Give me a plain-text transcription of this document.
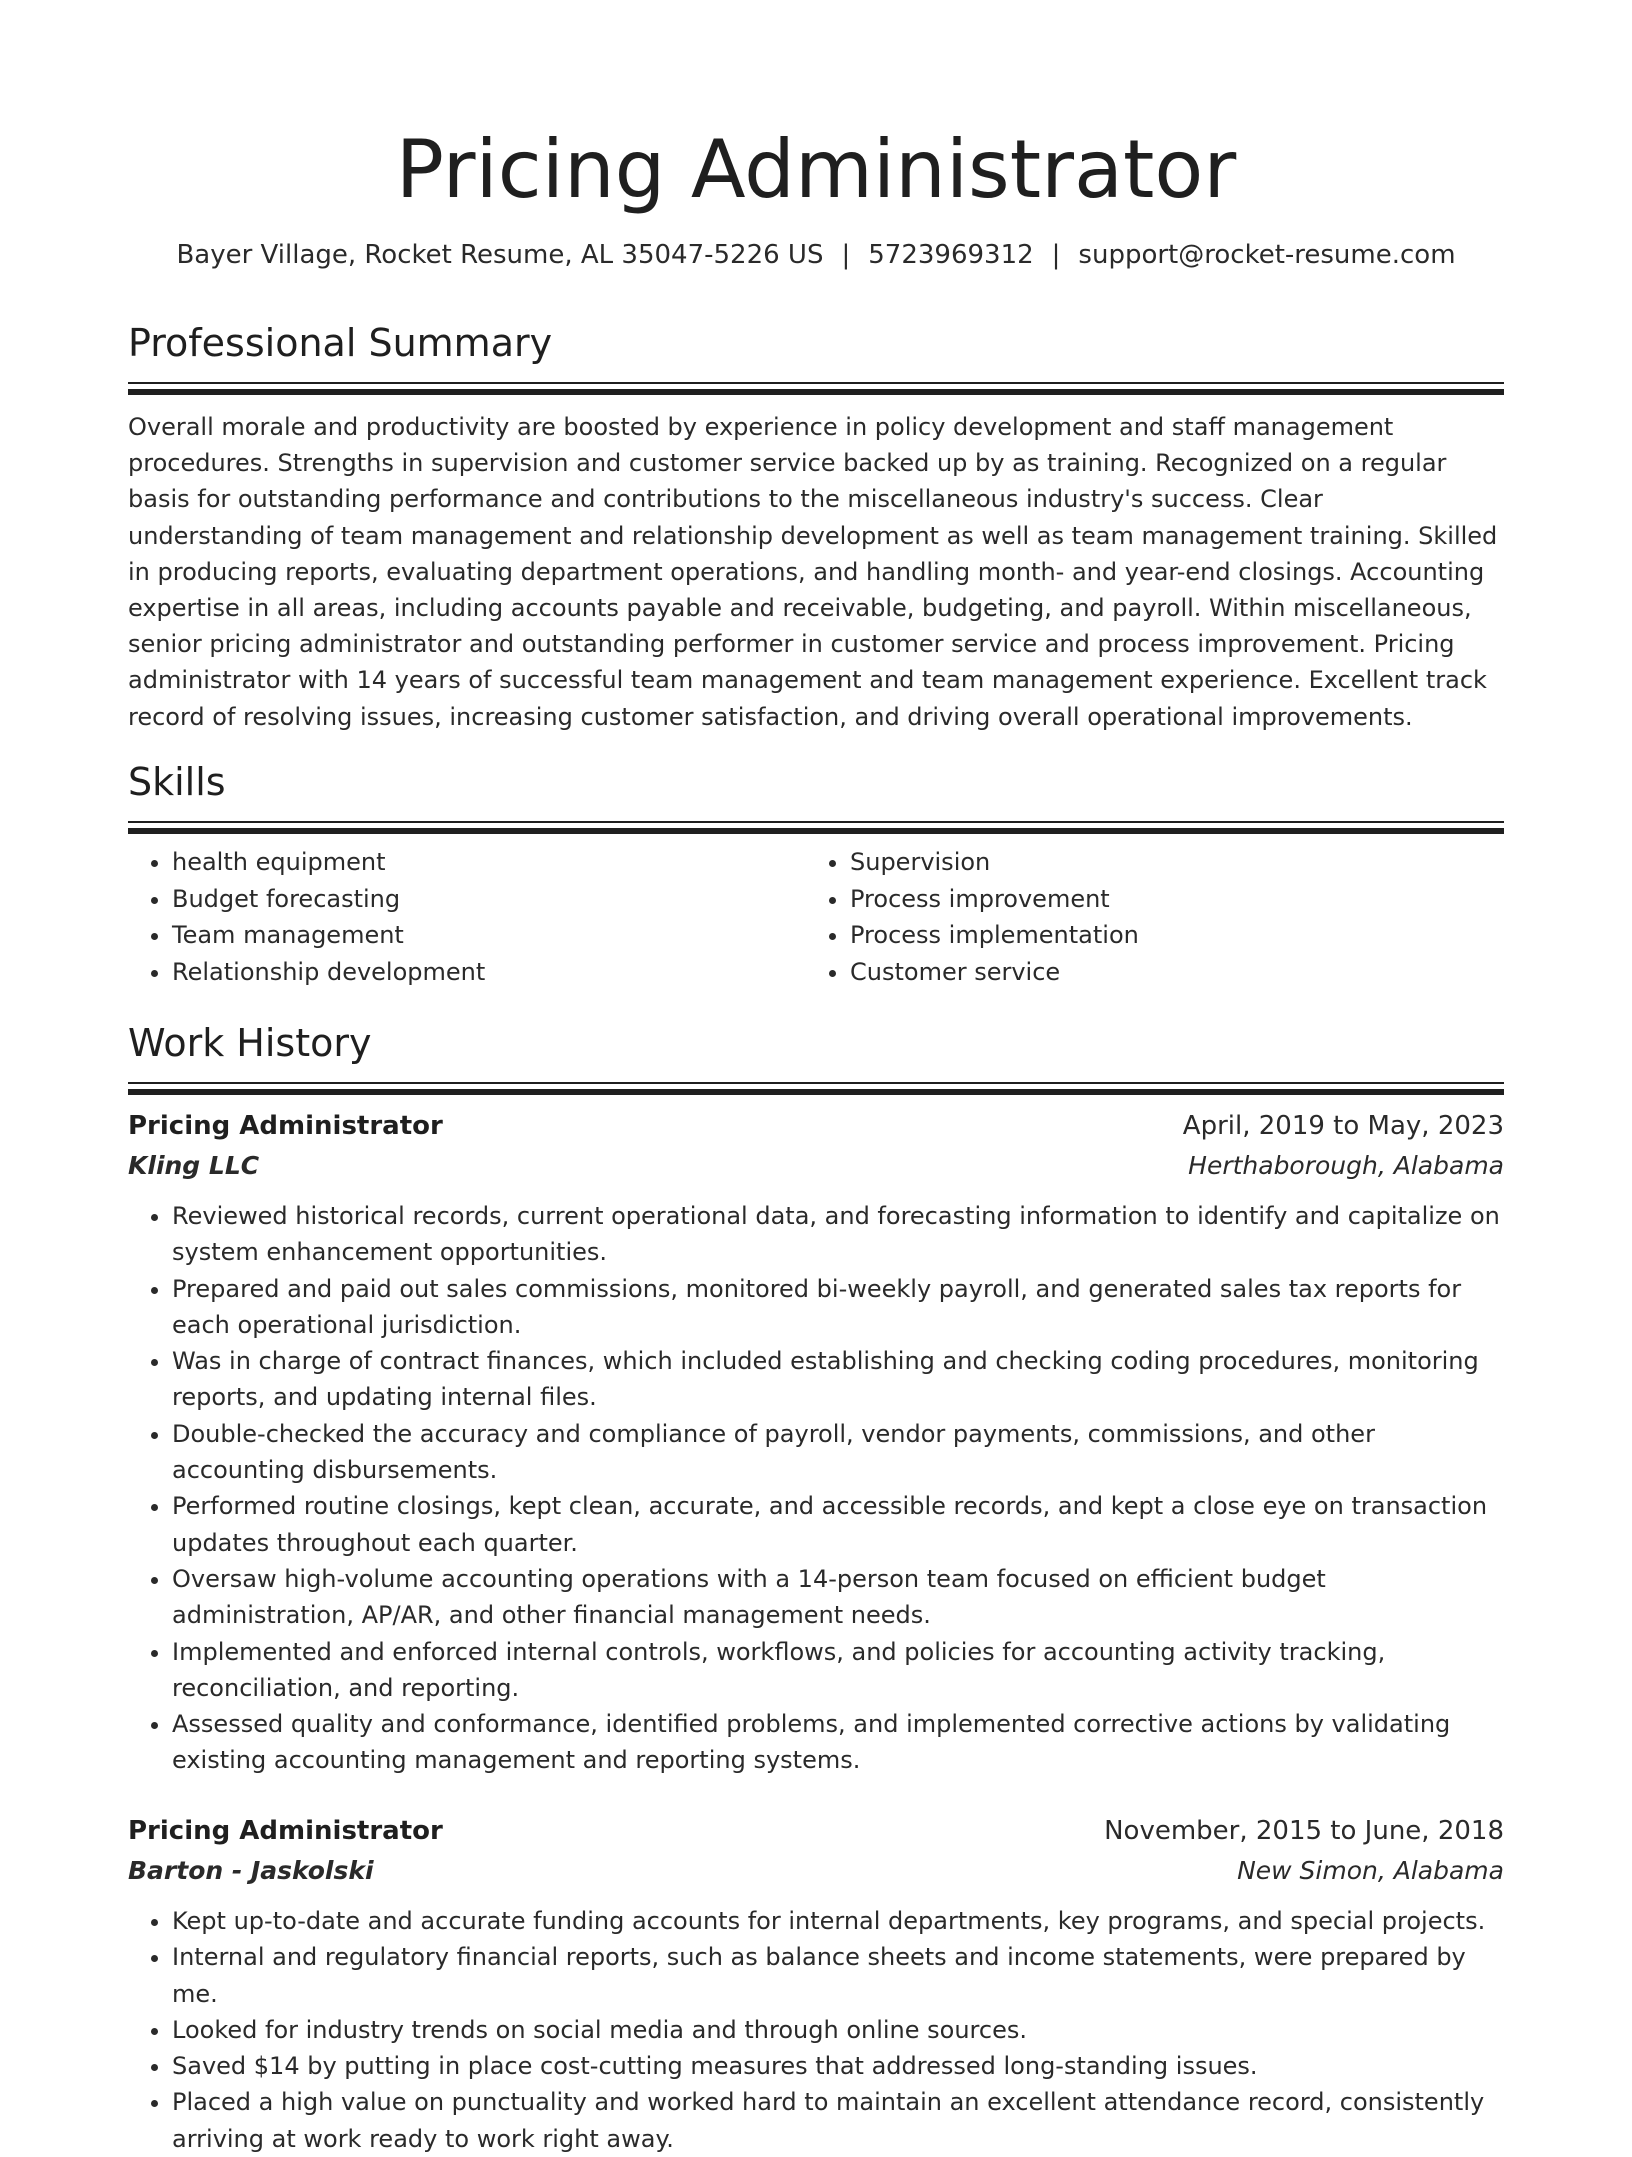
Pricing Administrator
Bayer Village, Rocket Resume, AL 35047-5226 US | 5723969312 | support@rocket-resume.com
Professional Summary

Overall morale and productivity are boosted by experience in policy development and staff management procedures. Strengths in supervision and customer service backed up by as training. Recognized on a regular basis for outstanding performance and contributions to the miscellaneous industry's success. Clear understanding of team management and relationship development as well as team management training. Skilled in producing reports, evaluating department operations, and handling month- and year-end closings. Accounting expertise in all areas, including accounts payable and receivable, budgeting, and payroll. Within miscellaneous, senior pricing administrator and outstanding performer in customer service and process improvement. Pricing administrator with 14 years of successful team management and team management experience. Excellent track record of resolving issues, increasing customer satisfaction, and driving overall operational improvements.

Skills
• health equipment
• Budget forecasting
• Team management
• Relationship development
• Supervision
• Process improvement
• Process implementation
• Customer service
Work History
Pricing Administrator	April, 2019 to May, 2023
Kling LLC	Herthaborough, Alabama
• Reviewed historical records, current operational data, and forecasting information to identify and capitalize on system enhancement opportunities.
• Prepared and paid out sales commissions, monitored bi-weekly payroll, and generated sales tax reports for each operational jurisdiction.
• Was in charge of contract finances, which included establishing and checking coding procedures, monitoring reports, and updating internal files.
• Double-checked the accuracy and compliance of payroll, vendor payments, commissions, and other accounting disbursements.
• Performed routine closings, kept clean, accurate, and accessible records, and kept a close eye on transaction updates throughout each quarter.
• Oversaw high-volume accounting operations with a 14-person team focused on efficient budget administration, AP/AR, and other financial management needs.
• Implemented and enforced internal controls, workflows, and policies for accounting activity tracking, reconciliation, and reporting.
• Assessed quality and conformance, identified problems, and implemented corrective actions by validating existing accounting management and reporting systems.
Pricing Administrator	November, 2015 to June, 2018
Barton - Jaskolski	New Simon, Alabama
• Kept up-to-date and accurate funding accounts for internal departments, key programs, and special projects.
• Internal and regulatory financial reports, such as balance sheets and income statements, were prepared by me.
• Looked for industry trends on social media and through online sources.
• Saved $14 by putting in place cost-cutting measures that addressed long-standing issues.
• Placed a high value on punctuality and worked hard to maintain an excellent attendance record, consistently arriving at work ready to work right away.
